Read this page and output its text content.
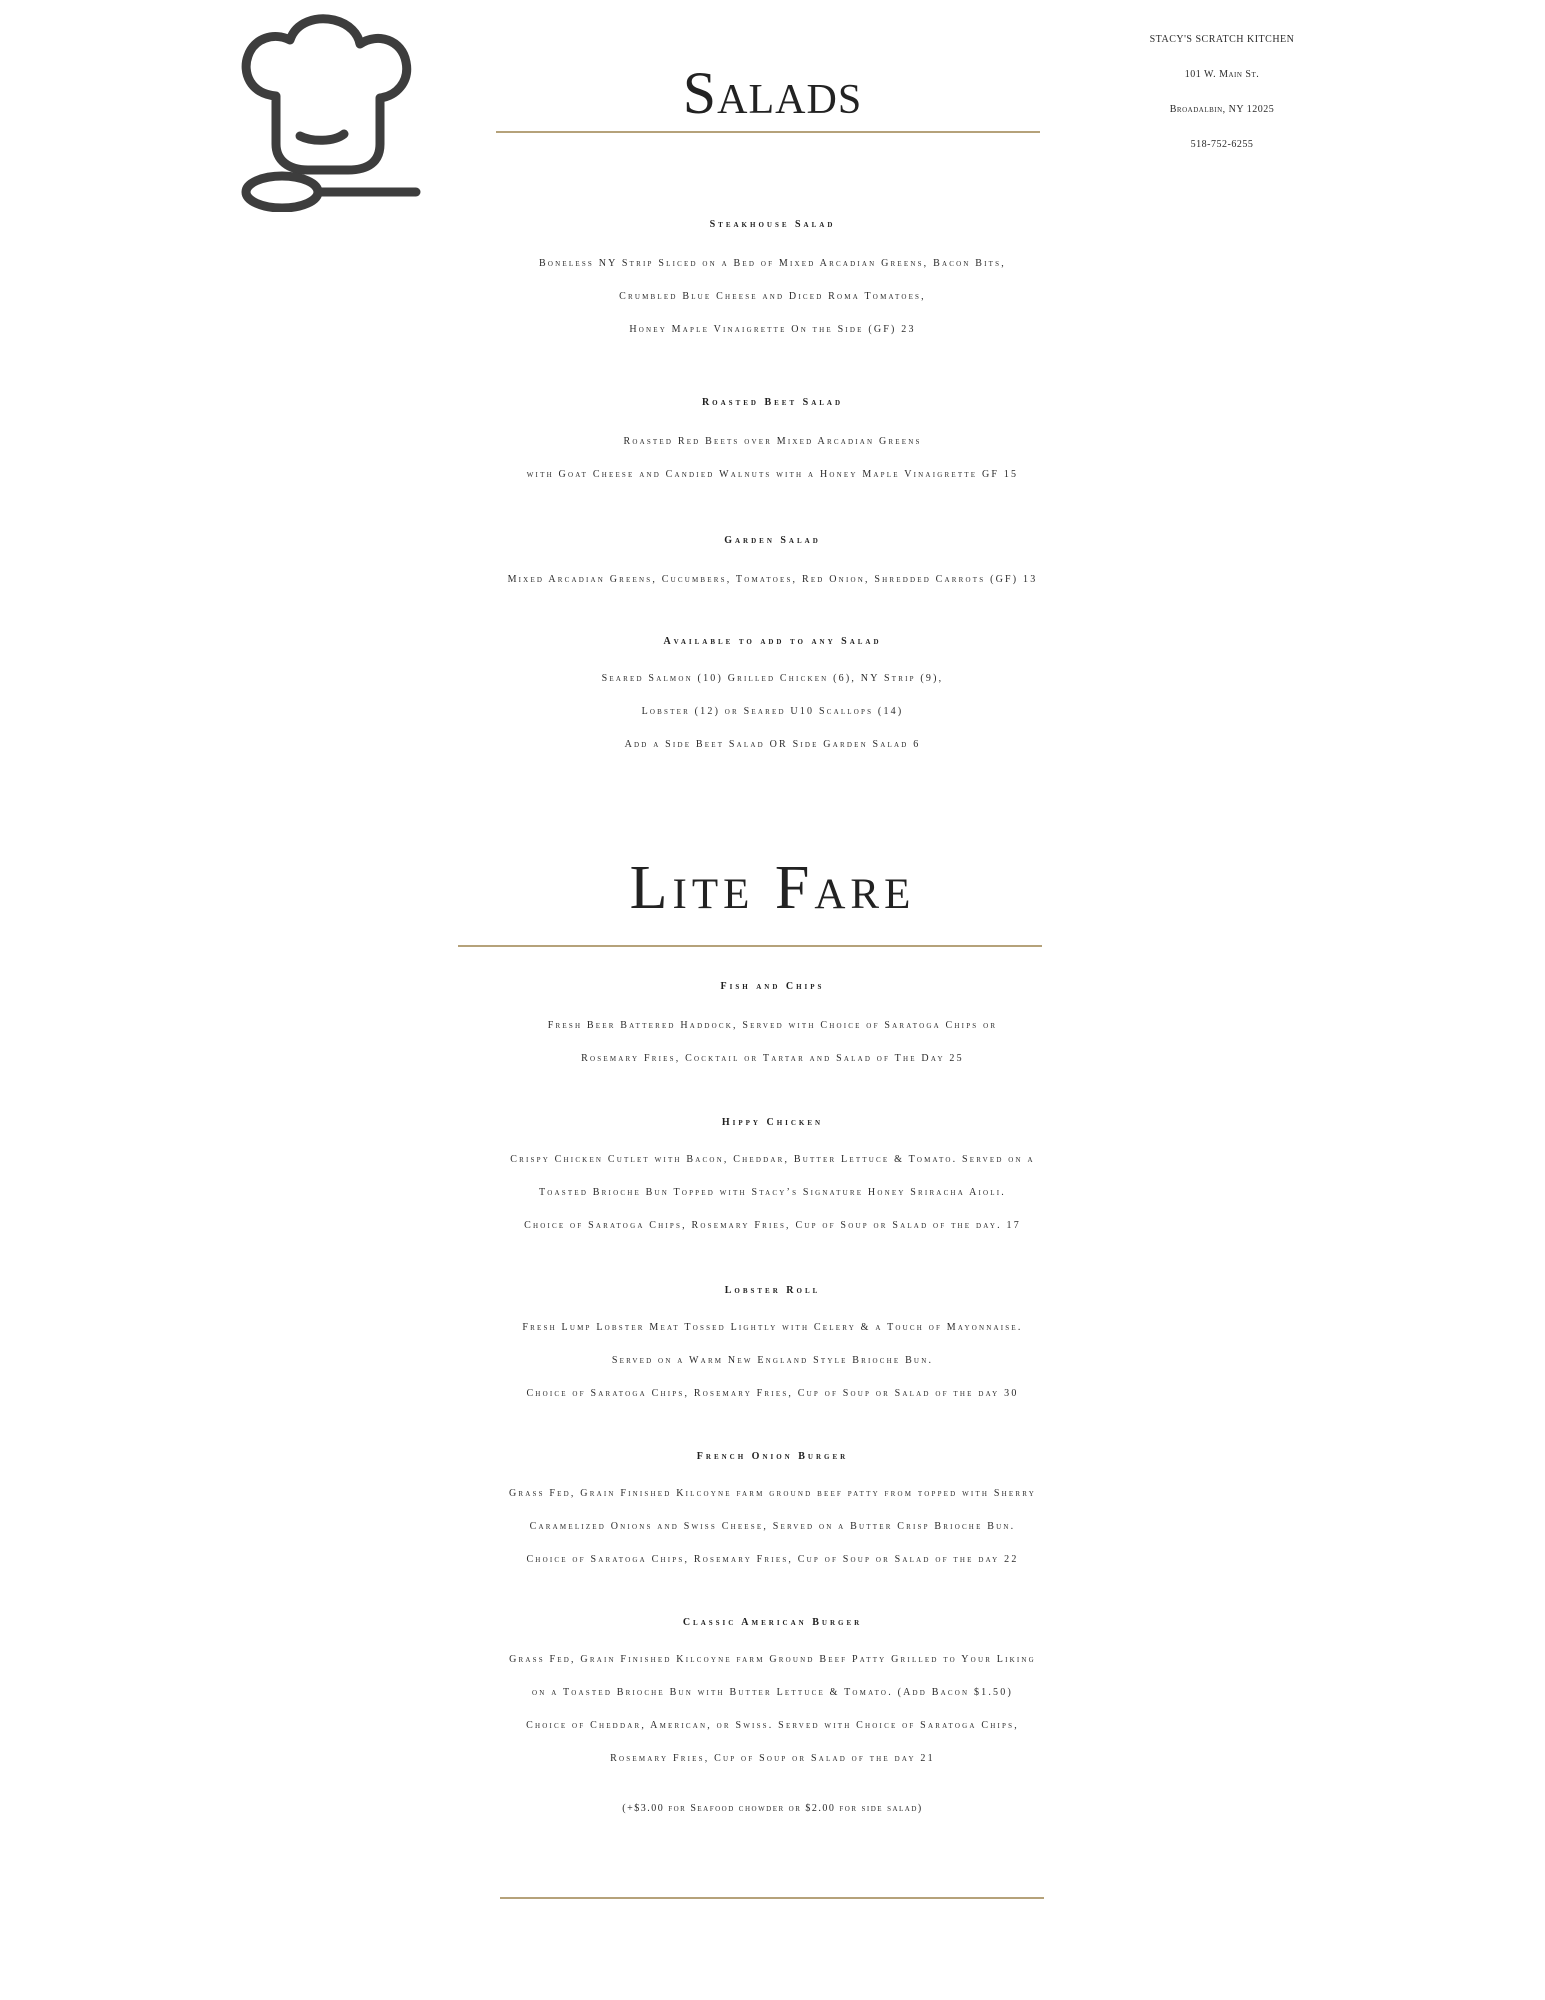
STACY'S SCRATCH KITCHEN
101 W. Main St.
Broadalbin, NY 12025
518-752-6255
Salads
Steakhouse Salad
Boneless NY Strip Sliced on a Bed of Mixed Arcadian Greens, Bacon Bits,
Crumbled Blue Cheese and Diced Roma Tomatoes,
Honey Maple Vinaigrette On the Side (GF) 23
Roasted Beet Salad
Roasted Red Beets over Mixed Arcadian Greens
with Goat Cheese and Candied Walnuts with a Honey Maple Vinaigrette GF 15
Garden Salad
Mixed Arcadian Greens, Cucumbers, Tomatoes, Red Onion, Shredded Carrots (GF) 13
Available to add to any Salad
Seared Salmon (10) Grilled Chicken (6), NY Strip (9),
Lobster (12) or Seared U10 Scallops (14)
Add a Side Beet Salad OR Side Garden Salad 6
Lite Fare
Fish and Chips
Fresh Beer Battered Haddock, Served with Choice of Saratoga Chips or
Rosemary Fries, Cocktail or Tartar and Salad of The Day 25
Hippy Chicken
Crispy Chicken Cutlet with Bacon, Cheddar, Butter Lettuce & Tomato. Served on a
Toasted Brioche Bun Topped with Stacy’s Signature Honey Sriracha Aioli.
Choice of Saratoga Chips, Rosemary Fries, Cup of Soup or Salad of the day. 17
Lobster Roll
Fresh Lump Lobster Meat Tossed Lightly with Celery & a Touch of Mayonnaise.
Served on a Warm New England Style Brioche Bun.
Choice of Saratoga Chips, Rosemary Fries, Cup of Soup or Salad of the day 30
French Onion Burger
Grass Fed, Grain Finished Kilcoyne farm ground beef patty from topped with Sherry
Caramelized Onions and Swiss Cheese, Served on a Butter Crisp Brioche Bun.
Choice of Saratoga Chips, Rosemary Fries, Cup of Soup or Salad of the day 22
Classic American Burger
Grass Fed, Grain Finished Kilcoyne farm Ground Beef Patty Grilled to Your Liking
on a Toasted Brioche Bun with Butter Lettuce & Tomato. (Add Bacon $1.50)
Choice of Cheddar, American, or Swiss. Served with Choice of Saratoga Chips,
Rosemary Fries, Cup of Soup or Salad of the day 21
(+$3.00 for Seafood chowder or $2.00 for side salad)
